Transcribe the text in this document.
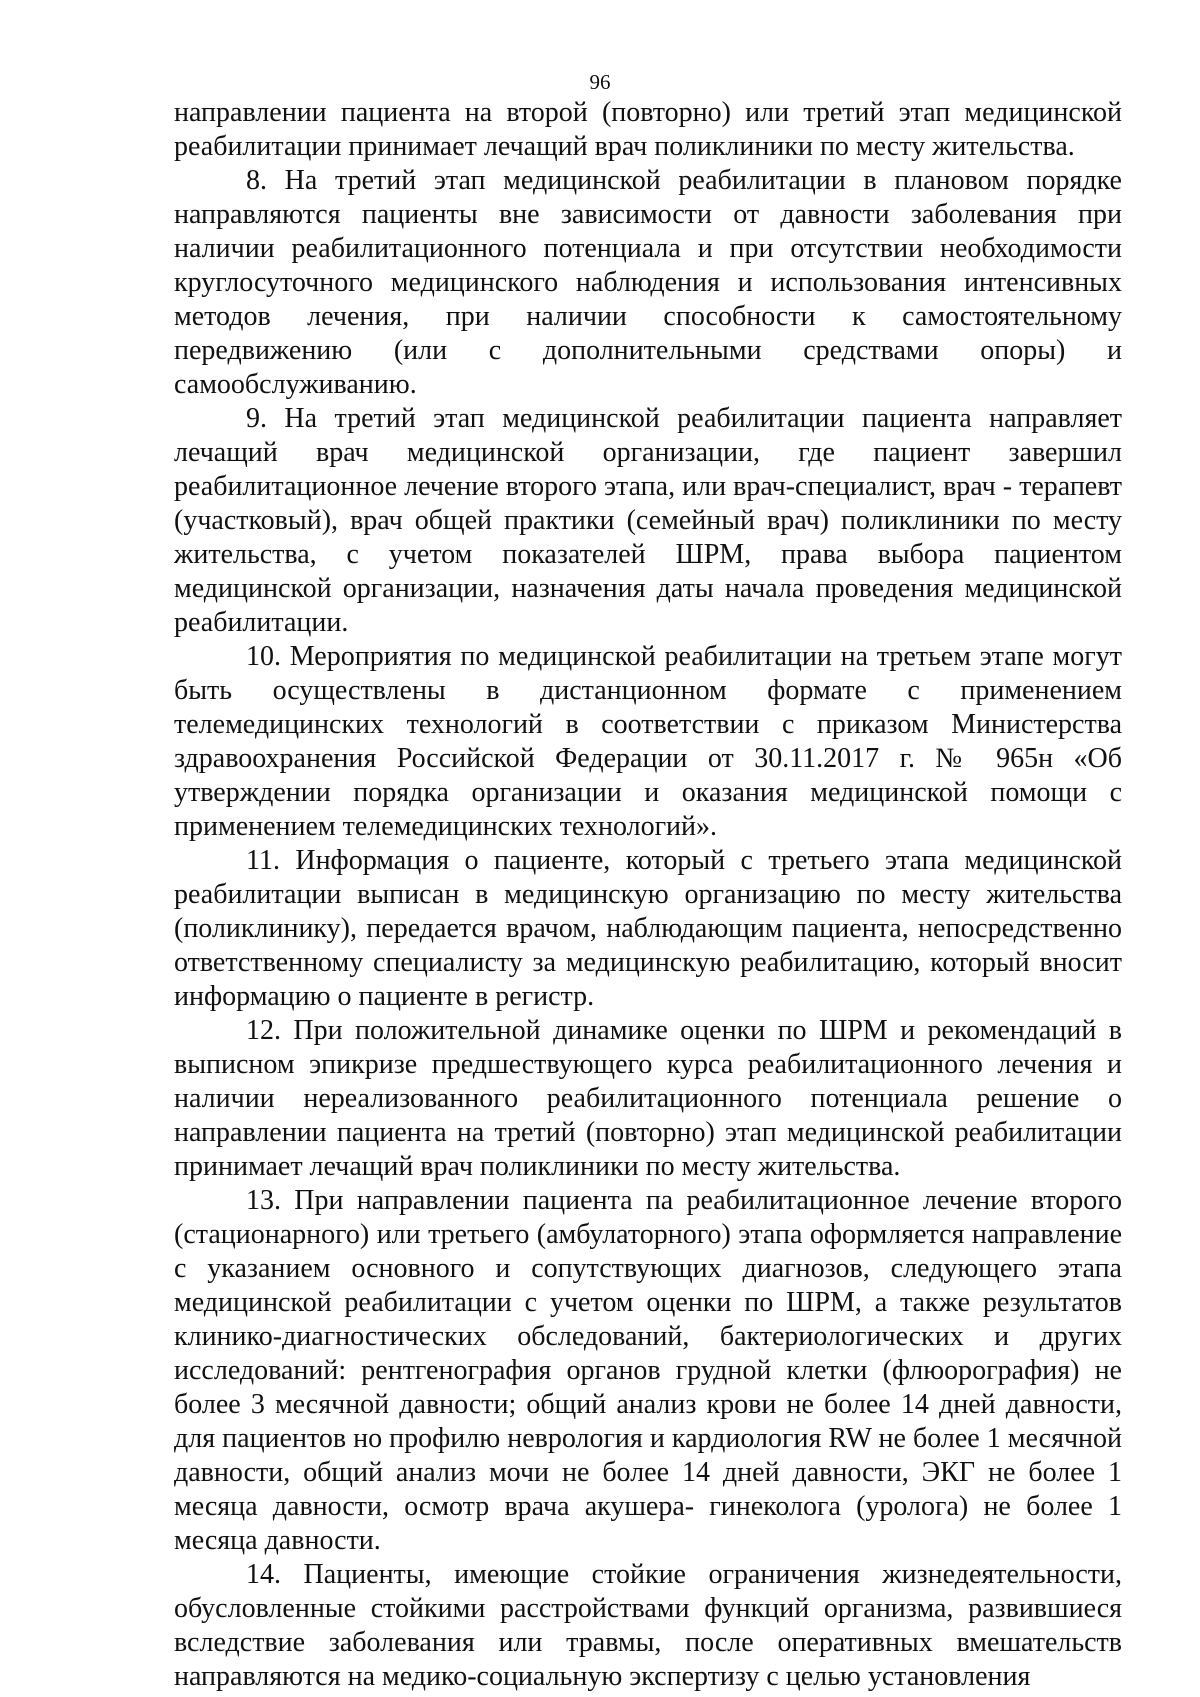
96

направлении пациента на второй (повторно) или третий этап медицинской реабилитации принимает лечащий врач поликлиники по месту жительства.

8. На третий этап медицинской реабилитации в плановом порядке направляются пациенты вне зависимости от давности заболевания при наличии реабилитационного потенциала и при отсутствии необходимости круглосуточного медицинского наблюдения и использования интенсивных методов лечения, при наличии способности к самостоятельному передвижению (или с дополнительными средствами опоры) и самообслуживанию.

9. На третий этап медицинской реабилитации пациента направляет лечащий врач медицинской организации, где пациент завершил реабилитационное лечение второго этапа, или врач-специалист, врач - терапевт (участковый), врач общей практики (семейный врач) поликлиники по месту жительства, с учетом показателей ШРМ, права выбора пациентом медицинской организации, назначения даты начала проведения медицинской реабилитации.

10. Мероприятия по медицинской реабилитации на третьем этапе могут быть осуществлены в дистанционном формате с применением телемедицинских технологий в соответствии с приказом Министерства здравоохранения Российской Федерации от 30.11.2017 г. № 965н «Об утверждении порядка организации и оказания медицинской помощи с применением телемедицинских технологий».

11. Информация о пациенте, который с третьего этапа медицинской реабилитации выписан в медицинскую организацию по месту жительства (поликлинику), передается врачом, наблюдающим пациента, непосредственно ответственному специалисту за медицинскую реабилитацию, который вносит информацию о пациенте в регистр.

12. При положительной динамике оценки по ШРМ и рекомендаций в выписном эпикризе предшествующего курса реабилитационного лечения и наличии нереализованного реабилитационного потенциала решение о направлении пациента на третий (повторно) этап медицинской реабилитации принимает лечащий врач поликлиники по месту жительства.

13. При направлении пациента па реабилитационное лечение второго (стационарного) или третьего (амбулаторного) этапа оформляется направление с указанием основного и сопутствующих диагнозов, следующего этапа медицинской реабилитации с учетом оценки по ШРМ, а также результатов клинико-диагностических обследований, бактериологических и других исследований: рентгенография органов грудной клетки (флюорография) не более 3 месячной давности; общий анализ крови не более 14 дней давности, для пациентов но профилю неврология и кардиология RW не более 1 месячной давности, общий анализ мочи не более 14 дней давности, ЭКГ не более 1 месяца давности, осмотр врача акушера- гинеколога (уролога) не более 1 месяца давности.

14. Пациенты, имеющие стойкие ограничения жизнедеятельности, обусловленные стойкими расстройствами функций организма, развившиеся вследствие заболевания или травмы, после оперативных вмешательств направляются на медико-социальную экспертизу с целью установления
